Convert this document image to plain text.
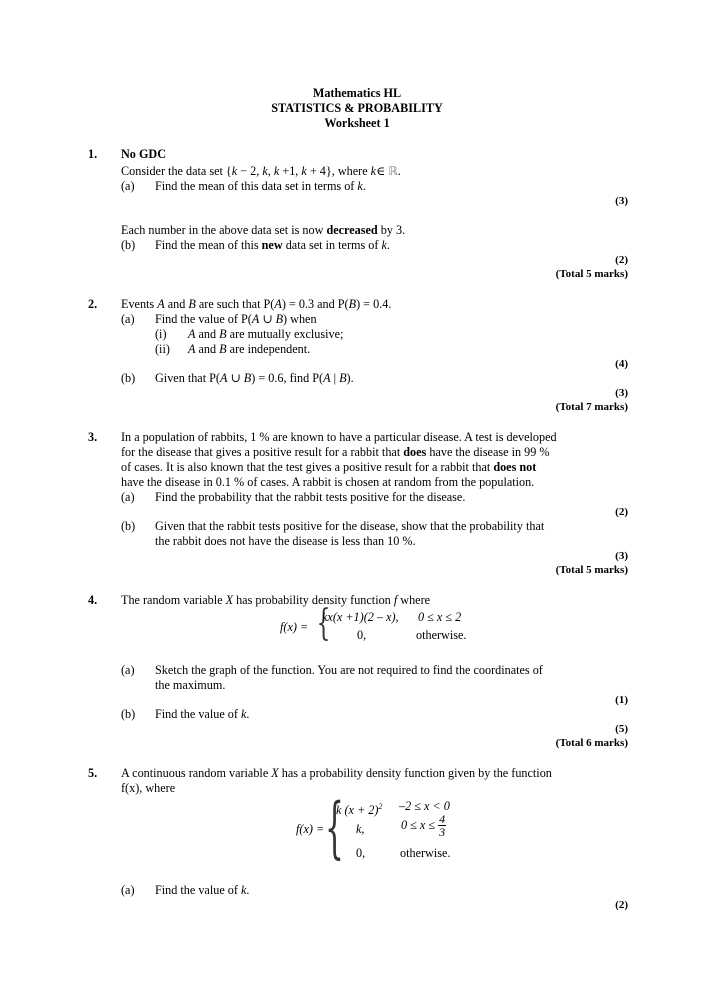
Mathematics HL
STATISTICS & PROBABILITY
Worksheet 1
1. No GDC
Consider the data set {k − 2, k, k +1, k + 4}, where k∈ ℝ.
(a) Find the mean of this data set in terms of k.
(3)
Each number in the above data set is now decreased by 3.
(b) Find the mean of this new data set in terms of k.
(2)
(Total 5 marks)
2. Events A and B are such that P(A) = 0.3 and P(B) = 0.4.
(a) Find the value of P(A ∪ B) when
(i) A and B are mutually exclusive;
(ii) A and B are independent.
(4)
(b) Given that P(A ∪ B) = 0.6, find P(A | B).
(3)
(Total 7 marks)
3. In a population of rabbits, 1 % are known to have a particular disease. A test is developed
for the disease that gives a positive result for a rabbit that does have the disease in 99 %
of cases. It is also known that the test gives a positive result for a rabbit that does not
have the disease in 0.1 % of cases. A rabbit is chosen at random from the population.
(a) Find the probability that the rabbit tests positive for the disease.
(2)
(b) Given that the rabbit tests positive for the disease, show that the probability that
the rabbit does not have the disease is less than 10 %.
(3)
(Total 5 marks)
4. The random variable X has probability density function f where
f(x) = {
kx(x +1)(2 – x), 0 ≤ x ≤ 2
0,	otherwise.
(a) Sketch the graph of the function. You are not required to find the coordinates of
the maximum.
(1)
(b) Find the value of k.
(5)
(Total 6 marks)
5. A continuous random variable X has a probability density function given by the function
f(x), where
f(x) = {
k $(x + 2)^2$ –2 ≤ x < 0
k,	$0 \le x \le \frac{4}{3}$
0,	otherwise.
(a) Find the value of k.
(2)
